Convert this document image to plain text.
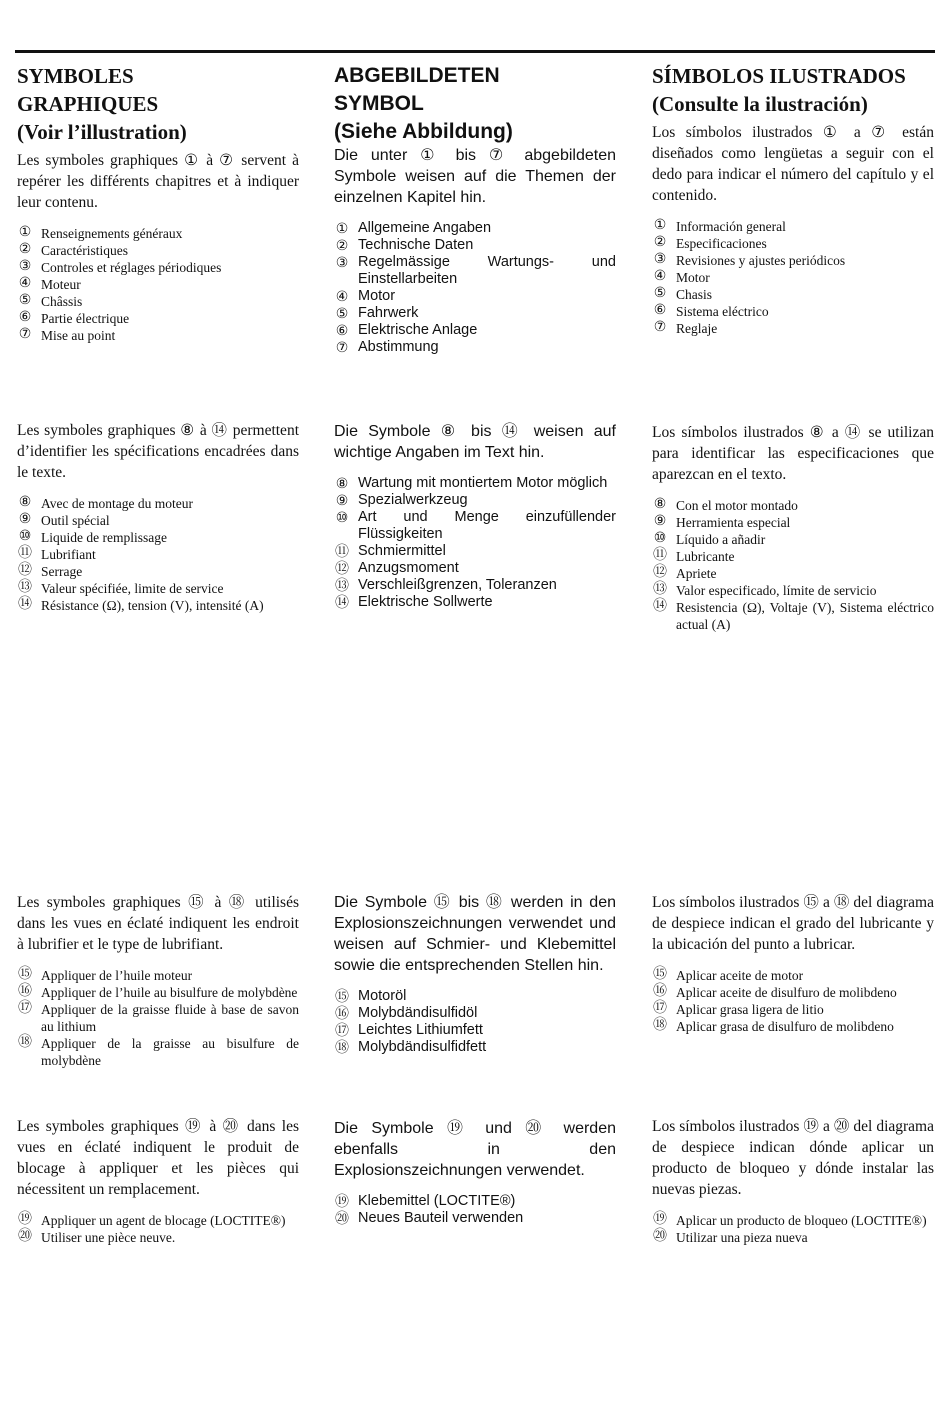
SYMBOLES
GRAPHIQUES
(Voir l’illustration)

Les symboles graphiques ① à ⑦ servent à repérer les différents chapitres et à indiquer leur contenu.

① Renseignements généraux
② Caractéristiques
③ Controles et réglages périodiques
④ Moteur
⑤ Châssis
⑥ Partie électrique
⑦ Mise au point

Les symboles graphiques ⑧ à ⑭ permettent d’identifier les spécifications encadrées dans le texte.

⑧ Avec de montage du moteur
⑨ Outil spécial
⑩ Liquide de remplissage
⑪ Lubrifiant
⑫ Serrage
⑬ Valeur spécifiée, limite de service
⑭ Résistance (Ω), tension (V), intensité (A)

Les symboles graphiques ⑮ à ⑱ utilisés dans les vues en éclaté indiquent les endroit à lubrifier et le type de lubrifiant.

⑮ Appliquer de l’huile moteur
⑯ Appliquer de l’huile au bisulfure de molybdène
⑰ Appliquer de la graisse fluide à base de savon au lithium
⑱ Appliquer de la graisse au bisulfure de molybdène

Les symboles graphiques ⑲ à ⑳ dans les vues en éclaté indiquent le produit de blocage à appliquer et les pièces qui nécessitent un remplacement.

⑲ Appliquer un agent de blocage (LOCTITE®)
⑳ Utiliser une pièce neuve.
ABGEBILDETEN
SYMBOL
(Siehe Abbildung)

Die unter ① bis ⑦ abgebildeten Symbole weisen auf die Themen der einzelnen Kapitel hin.

① Allgemeine Angaben
② Technische Daten
③ Regelmässige Wartungs- und Einstellarbeiten
④ Motor
⑤ Fahrwerk
⑥ Elektrische Anlage
⑦ Abstimmung

Die Symbole ⑧ bis ⑭ weisen auf wichtige Angaben im Text hin.

⑧ Wartung mit montiertem Motor möglich
⑨ Spezialwerkzeug
⑩ Art und Menge einzufüllender Flüssigkeiten
⑪ Schmiermittel
⑫ Anzugsmoment
⑬ Verschleißgrenzen, Toleranzen
⑭ Elektrische Sollwerte

Die Symbole ⑮ bis ⑱ werden in den Explosionszeichnungen verwendet und weisen auf Schmier- und Klebemittel sowie die entsprechenden Stellen hin.

⑮ Motoröl
⑯ Molybdändisulfidöl
⑰ Leichtes Lithiumfett
⑱ Molybdändisulfidfett

Die Symbole ⑲ und ⑳ werden ebenfalls in den Explosionszeichnungen verwendet.

⑲ Klebemittel (LOCTITE®)
⑳ Neues Bauteil verwenden
SÍMBOLOS ILUSTRADOS
(Consulte la ilustración)

Los símbolos ilustrados ① a ⑦ están diseñados como lengüetas a seguir con el dedo para indicar el número del capítulo y el contenido.

① Información general
② Especificaciones
③ Revisiones y ajustes periódicos
④ Motor
⑤ Chasis
⑥ Sistema eléctrico
⑦ Reglaje

Los símbolos ilustrados ⑧ a ⑭ se utilizan para identificar las especificaciones que aparezcan en el texto.

⑧ Con el motor montado
⑨ Herramienta especial
⑩ Líquido a añadir
⑪ Lubricante
⑫ Apriete
⑬ Valor especificado, límite de servicio
⑭ Resistencia (Ω), Voltaje (V), Sistema eléctrico actual (A)

Los símbolos ilustrados ⑮ a ⑱ del diagrama de despiece indican el grado del lubricante y la ubicación del punto a lubricar.

⑮ Aplicar aceite de motor
⑯ Aplicar aceite de disulfuro de molibdeno
⑰ Aplicar grasa ligera de litio
⑱ Aplicar grasa de disulfuro de molibdeno

Los símbolos ilustrados ⑲ a ⑳ del diagrama de despiece indican dónde aplicar un producto de bloqueo y dónde instalar las nuevas piezas.

⑲ Aplicar un producto de bloqueo (LOCTITE®)
⑳ Utilizar una pieza nueva
